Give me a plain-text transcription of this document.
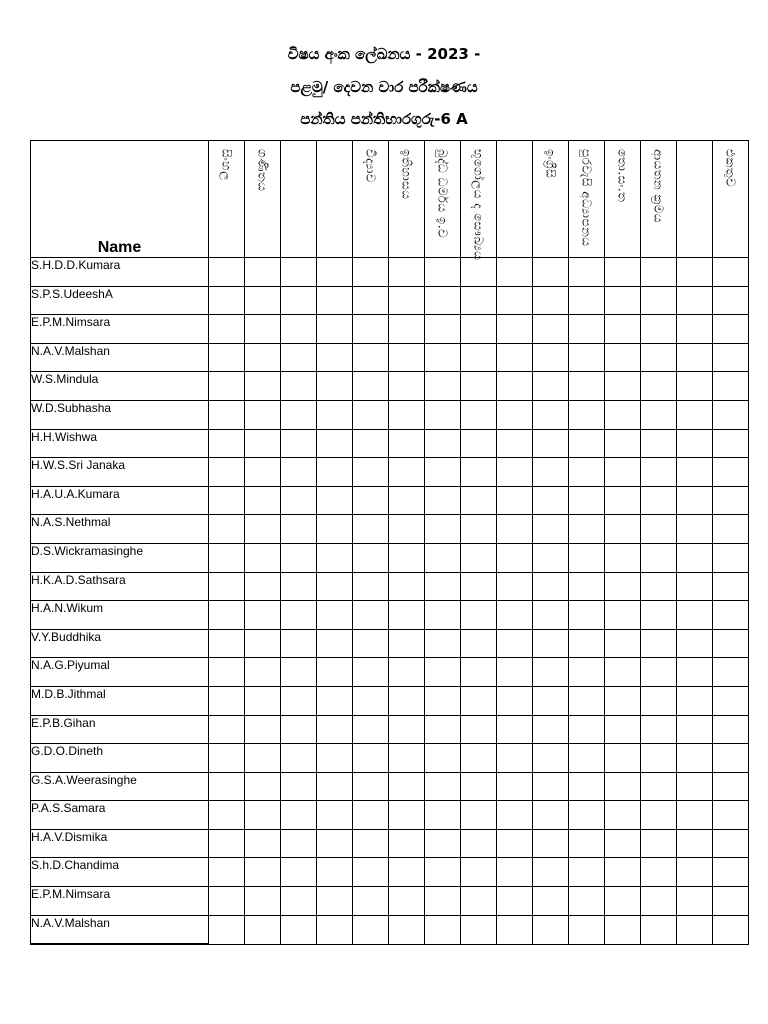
විෂය අංක ලේඛනය - 2023 -
පළමු/ දෙවන වාර පරීක්ෂණය
පන්තිය පන්තිභාරගුරු-6 A
Name	සිංහල	ගණිතය			විද්‍යාව	ඉතිහාසය	බුද්ධ ධර්මය ඉ.ව	භූගෝලය ද සෞඛ්‍යය		ඉංග්‍රීසි	පුරවැසි අධ්‍යාපනය	තො.සං.ත	ආයතන ක්‍රමය		එකතුව

S.H.D.D.Kumara															
S.P.S.UdeeshA															
E.P.M.Nimsara															
N.A.V.Malshan															
W.S.Mindula															
W.D.Subhasha															
H.H.Wishwa															
H.W.S.Sri Janaka															
H.A.U.A.Kumara															
N.A.S.Nethmal															
D.S.Wickramasinghe															
H.K.A.D.Sathsara															
H.A.N.Wikum															
V.Y.Buddhika															
N.A.G.Piyumal															
M.D.B.Jithmal															
E.P.B.Gihan															
G.D.O.Dineth															
G.S.A.Weerasinghe															
P.A.S.Samara															
H.A.V.Dismika															
S.h.D.Chandima															
E.P.M.Nimsara															
N.A.V.Malshan															
